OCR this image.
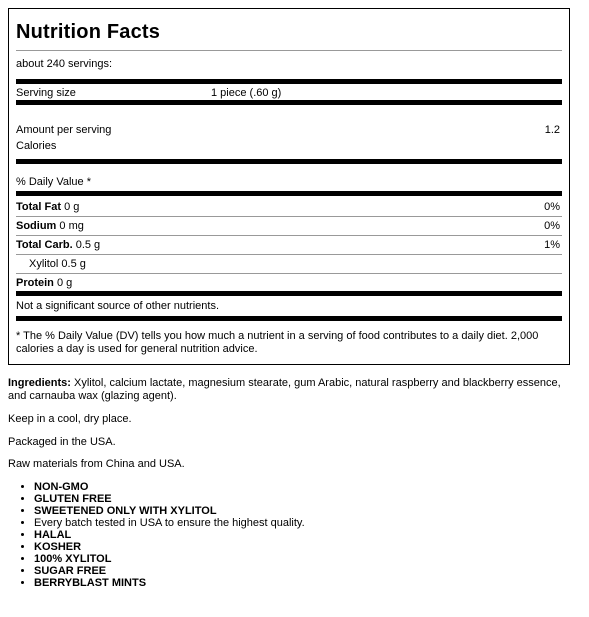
Nutrition Facts
about 240 servings:
Serving size	1 piece (.60 g)
Amount per serving	1.2
Calories
% Daily Value *
Total Fat 0 g	0%
Sodium 0 mg	0%
Total Carb. 0.5 g	1%
Xylitol 0.5 g
Protein 0 g
Not a significant source of other nutrients.
* The % Daily Value (DV) tells you how much a nutrient in a serving of food contributes to a daily diet. 2,000 calories a day is used for general nutrition advice.
Ingredients: Xylitol, calcium lactate, magnesium stearate, gum Arabic, natural raspberry and blackberry essence, and carnauba wax (glazing agent).
Keep in a cool, dry place.
Packaged in the USA.
Raw materials from China and USA.
• NON-GMO
• GLUTEN FREE
• SWEETENED ONLY WITH XYLITOL
• Every batch tested in USA to ensure the highest quality.
• HALAL
• KOSHER
• 100% XYLITOL
• SUGAR FREE
• BERRYBLAST MINTS
